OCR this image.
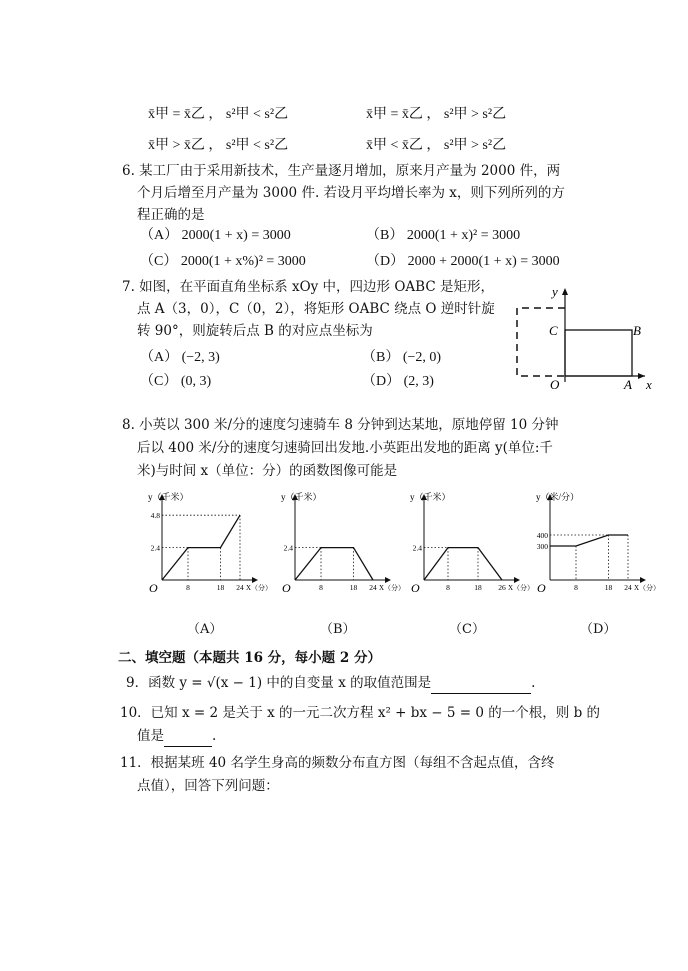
x̄甲 = x̄乙 ， s²甲 < s²乙	x̄甲 = x̄乙 ， s²甲 > s²乙
x̄甲 > x̄乙 ， s²甲 < s²乙	x̄甲 < x̄乙 ， s²甲 > s²乙
6. 某工厂由于采用新技术，生产量逐月增加，原来月产量为 2000 件，两
个月后增至月产量为 3000 件. 若设月平均增长率为 x，则下列所列的方
程正确的是
（A） 2000(1 + x) = 3000	（B） 2000(1 + x)² = 3000
（C） 2000(1 + x%)² = 3000	（D） 2000 + 2000(1 + x) = 3000
7. 如图，在平面直角坐标系 xOy 中，四边形 OABC 是矩形，
点 A（3，0），C（0，2），将矩形 OABC 绕点 O 逆时针旋
转 90°，则旋转后点 B 的对应点坐标为
（A） (−2, 3)	（B） (−2, 0)
（C） (0, 3)	（D） (2, 3)
y
x
C	B
O	A
8. 小英以 300 米/分的速度匀速骑车 8 分钟到达某地，原地停留 10 分钟
后以 400 米/分的速度匀速骑回出发地.小英距出发地的距离 y(单位:千
米)与时间 x（单位：分）的函数图像可能是
y（千米）
X（分）
O
2.4
4.8
8	18 24
y（千米）
X（分）
O
2.4
8	18 24
y（千米）
X（分）
O
2.4
8	18 26
y（米/分）
X（分）
O
300
400
8	18 24
（A）	（B）	（C）	（D）
二、填空题（本题共 16 分，每小题 2 分）
9．函数 y = √(x − 1) 中的自变量 x 的取值范围是	.
10．已知 x = 2 是关于 x 的一元二次方程 x² + bx − 5 = 0 的一个根，则 b 的
值是	.
11．根据某班 40 名学生身高的频数分布直方图（每组不含起点值，含终
点值），回答下列问题：
